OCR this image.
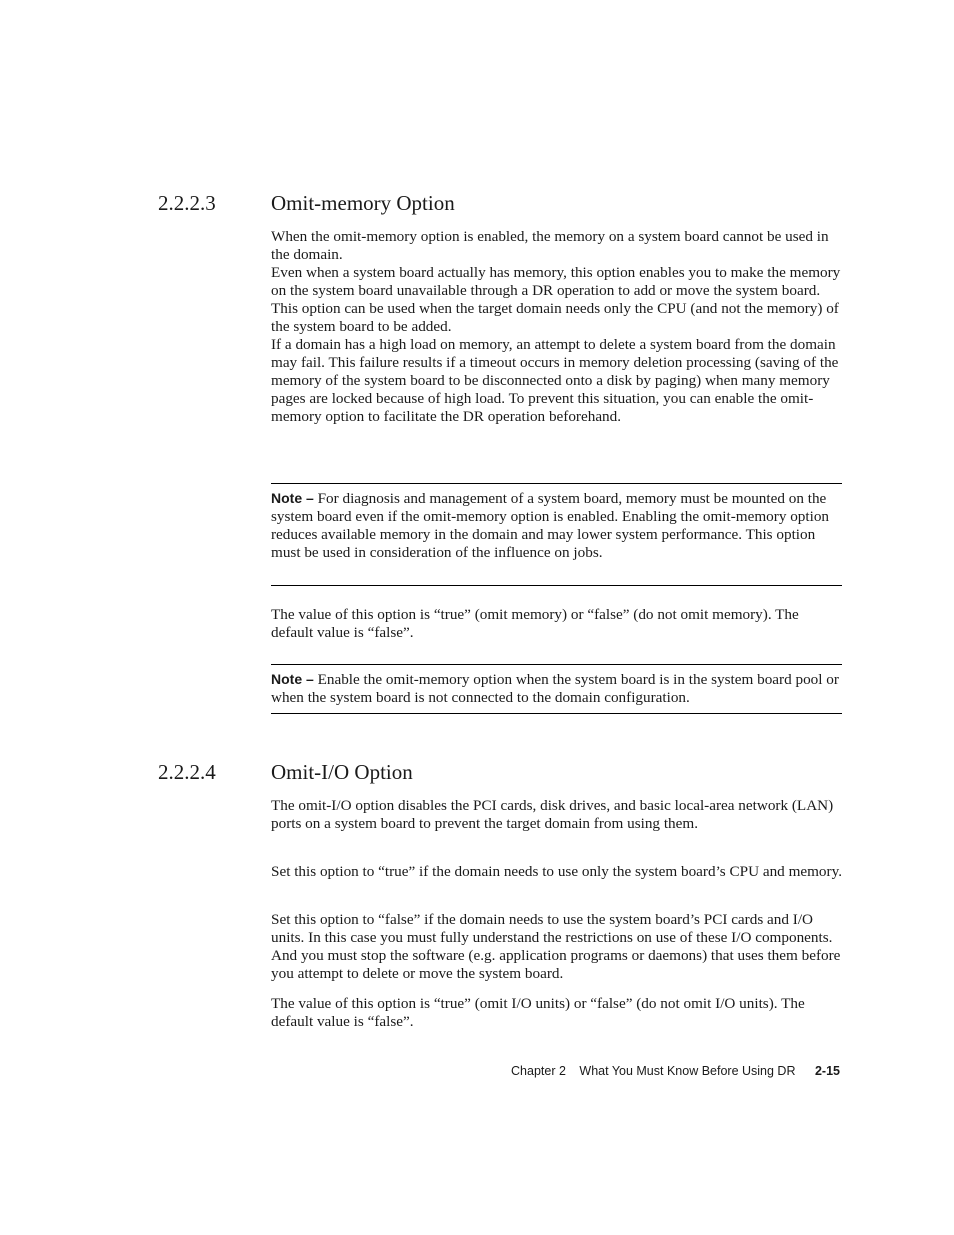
2.2.2.3	Omit-memory Option

When the omit-memory option is enabled, the memory on a system board cannot be used in the domain.

Even when a system board actually has memory, this option enables you to make the memory on the system board unavailable through a DR operation to add or move the system board.

This option can be used when the target domain needs only the CPU (and not the memory) of the system board to be added.

If a domain has a high load on memory, an attempt to delete a system board from the domain may fail. This failure results if a timeout occurs in memory deletion processing (saving of the memory of the system board to be disconnected onto a disk by paging) when many memory pages are locked because of high load. To prevent this situation, you can enable the omit-memory option to facilitate the DR operation beforehand.

Note – For diagnosis and management of a system board, memory must be mounted on the system board even if the omit-memory option is enabled. Enabling the omit-memory option reduces available memory in the domain and may lower system performance. This option must be used in consideration of the influence on jobs.
The value of this option is “true” (omit memory) or “false” (do not omit memory). The default value is “false”.
Note – Enable the omit-memory option when the system board is in the system board pool or when the system board is not connected to the domain configuration.
2.2.2.4	Omit-I/O Option
The omit-I/O option disables the PCI cards, disk drives, and basic local-area network (LAN) ports on a system board to prevent the target domain from using them.
Set this option to “true” if the domain needs to use only the system board’s CPU and memory.
Set this option to “false” if the domain needs to use the system board’s PCI cards and I/O units. In this case you must fully understand the restrictions on use of these I/O components. And you must stop the software (e.g. application programs or daemons) that uses them before you attempt to delete or move the system board.
The value of this option is “true” (omit I/O units) or “false” (do not omit I/O units). The default value is “false”.
Chapter 2 What You Must Know Before Using DR 2-15
